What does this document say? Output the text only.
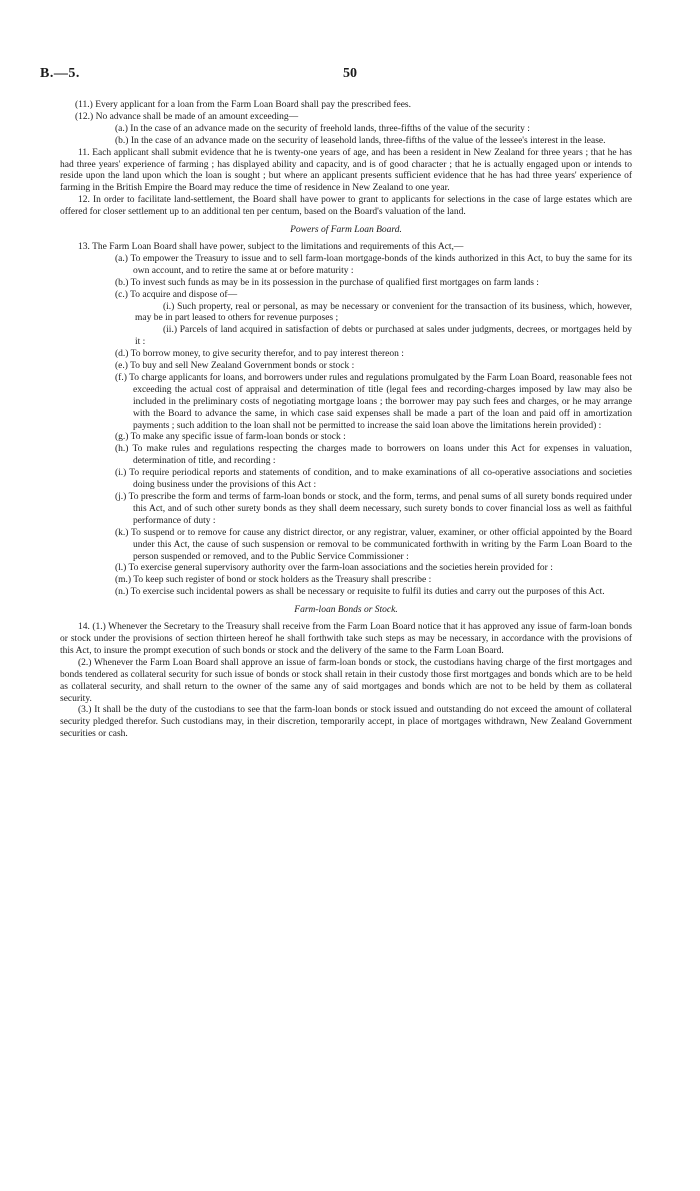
B.—5.	50

(11.) Every applicant for a loan from the Farm Loan Board shall pay the prescribed fees.

(12.) No advance shall be made of an amount exceeding—

(a.) In the case of an advance made on the security of freehold lands, three-fifths of the value of the security :

(b.) In the case of an advance made on the security of leasehold lands, three-fifths of the value of the lessee's interest in the lease.

11. Each applicant shall submit evidence that he is twenty-one years of age, and has been a resident in New Zealand for three years ; that he has had three years' experience of farming ; has displayed ability and capacity, and is of good character ; that he is actually engaged upon or intends to reside upon the land upon which the loan is sought ; but where an applicant presents sufficient evidence that he has had three years' experience of farming in the British Empire the Board may reduce the time of residence in New Zealand to one year.

12. In order to facilitate land-settlement, the Board shall have power to grant to applicants for selections in the case of large estates which are offered for closer settlement up to an additional ten per centum, based on the Board's valuation of the land.

Powers of Farm Loan Board.

13. The Farm Loan Board shall have power, subject to the limitations and requirements of this Act,—

(a.) To empower the Treasury to issue and to sell farm-loan mortgage-bonds of the kinds authorized in this Act, to buy the same for its own account, and to retire the same at or before maturity :

(b.) To invest such funds as may be in its possession in the purchase of qualified first mortgages on farm lands :

(c.) To acquire and dispose of—

(i.) Such property, real or personal, as may be necessary or convenient for the transaction of its business, which, however, may be in part leased to others for revenue purposes ;

(ii.) Parcels of land acquired in satisfaction of debts or purchased at sales under judgments, decrees, or mortgages held by it :

(d.) To borrow money, to give security therefor, and to pay interest thereon :

(e.) To buy and sell New Zealand Government bonds or stock :

(f.) To charge applicants for loans, and borrowers under rules and regulations promulgated by the Farm Loan Board, reasonable fees not exceeding the actual cost of appraisal and determination of title (legal fees and recording-charges imposed by law may also be included in the preliminary costs of negotiating mortgage loans ; the borrower may pay such fees and charges, or he may arrange with the Board to advance the same, in which case said expenses shall be made a part of the loan and paid off in amortization payments ; such addition to the loan shall not be permitted to increase the said loan above the limitations herein provided) :

(g.) To make any specific issue of farm-loan bonds or stock :

(h.) To make rules and regulations respecting the charges made to borrowers on loans under this Act for expenses in valuation, determination of title, and recording :

(i.) To require periodical reports and statements of condition, and to make examinations of all co-operative associations and societies doing business under the provisions of this Act :

(j.) To prescribe the form and terms of farm-loan bonds or stock, and the form, terms, and penal sums of all surety bonds required under this Act, and of such other surety bonds as they shall deem necessary, such surety bonds to cover financial loss as well as faithful performance of duty :

(k.) To suspend or to remove for cause any district director, or any registrar, valuer, examiner, or other official appointed by the Board under this Act, the cause of such suspension or removal to be communicated forthwith in writing by the Farm Loan Board to the person suspended or removed, and to the Public Service Commissioner :

(l.) To exercise general supervisory authority over the farm-loan associations and the societies herein provided for :

(m.) To keep such register of bond or stock holders as the Treasury shall prescribe :

(n.) To exercise such incidental powers as shall be necessary or requisite to fulfil its duties and carry out the purposes of this Act.

Farm-loan Bonds or Stock.

14. (1.) Whenever the Secretary to the Treasury shall receive from the Farm Loan Board notice that it has approved any issue of farm-loan bonds or stock under the provisions of section thirteen hereof he shall forthwith take such steps as may be necessary, in accordance with the provisions of this Act, to insure the prompt execution of such bonds or stock and the delivery of the same to the Farm Loan Board.

(2.) Whenever the Farm Loan Board shall approve an issue of farm-loan bonds or stock, the custodians having charge of the first mortgages and bonds tendered as collateral security for such issue of bonds or stock shall retain in their custody those first mortgages and bonds which are to be held as collateral security, and shall return to the owner of the same any of said mortgages and bonds which are not to be held by them as collateral security.

(3.) It shall be the duty of the custodians to see that the farm-loan bonds or stock issued and outstanding do not exceed the amount of collateral security pledged therefor. Such custodians may, in their discretion, temporarily accept, in place of mortgages withdrawn, New Zealand Government securities or cash.
